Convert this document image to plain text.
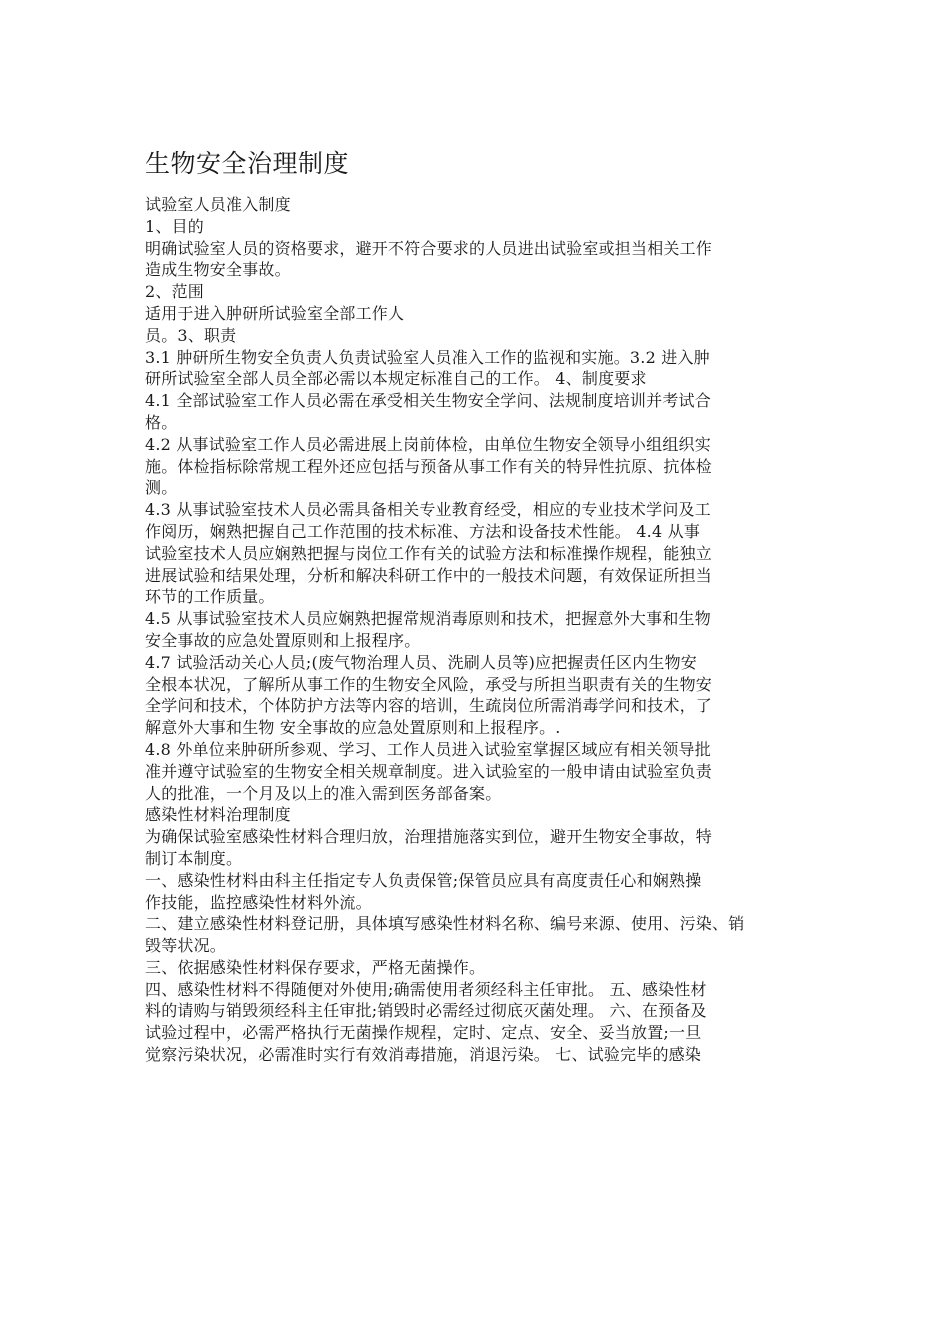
生物安全治理制度

试验室人员准入制度

1、目的

明确试验室人员的资格要求，避开不符合要求的人员进出试验室或担当相关工作

造成生物安全事故。

2、范围

适用于进入肿研所试验室全部工作人

员。3、职责

3.1 肿研所生物安全负责人负责试验室人员准入工作的监视和实施。3.2 进入肿

研所试验室全部人员全部必需以本规定标准自己的工作。 4、制度要求

4.1 全部试验室工作人员必需在承受相关生物安全学问、法规制度培训并考试合

格。

4.2 从事试验室工作人员必需进展上岗前体检，由单位生物安全领导小组组织实

施。体检指标除常规工程外还应包括与预备从事工作有关的特异性抗原、抗体检

测。

4.3 从事试验室技术人员必需具备相关专业教育经受，相应的专业技术学问及工

作阅历，娴熟把握自己工作范围的技术标准、方法和设备技术性能。 4.4 从事

试验室技术人员应娴熟把握与岗位工作有关的试验方法和标准操作规程，能独立

进展试验和结果处理，分析和解决科研工作中的一般技术问题，有效保证所担当

环节的工作质量。

4.5 从事试验室技术人员应娴熟把握常规消毒原则和技术，把握意外大事和生物

安全事故的应急处置原则和上报程序。

4.7 试验活动关心人员;(废气物治理人员、洗刷人员等)应把握责任区内生物安

全根本状况，了解所从事工作的生物安全风险，承受与所担当职责有关的生物安

全学问和技术，个体防护方法等内容的培训，生疏岗位所需消毒学问和技术，了

解意外大事和生物 安全事故的应急处置原则和上报程序。.

4.8 外单位来肿研所参观、学习、工作人员进入试验室掌握区域应有相关领导批

准并遵守试验室的生物安全相关规章制度。进入试验室的一般申请由试验室负责

人的批准，一个月及以上的准入需到医务部备案。

感染性材料治理制度

为确保试验室感染性材料合理归放，治理措施落实到位，避开生物安全事故，特

制订本制度。

一、感染性材料由科主任指定专人负责保管;保管员应具有高度责任心和娴熟操

作技能，监控感染性材料外流。

二、建立感染性材料登记册，具体填写感染性材料名称、编号来源、使用、污染、销

毁等状况。

三、依据感染性材料保存要求，严格无菌操作。

四、感染性材料不得随便对外使用;确需使用者须经科主任审批。 五、感染性材

料的请购与销毁须经科主任审批;销毁时必需经过彻底灭菌处理。 六、在预备及

试验过程中，必需严格执行无菌操作规程，定时、定点、安全、妥当放置;一旦

觉察污染状况，必需准时实行有效消毒措施，消退污染。 七、试验完毕的感染
